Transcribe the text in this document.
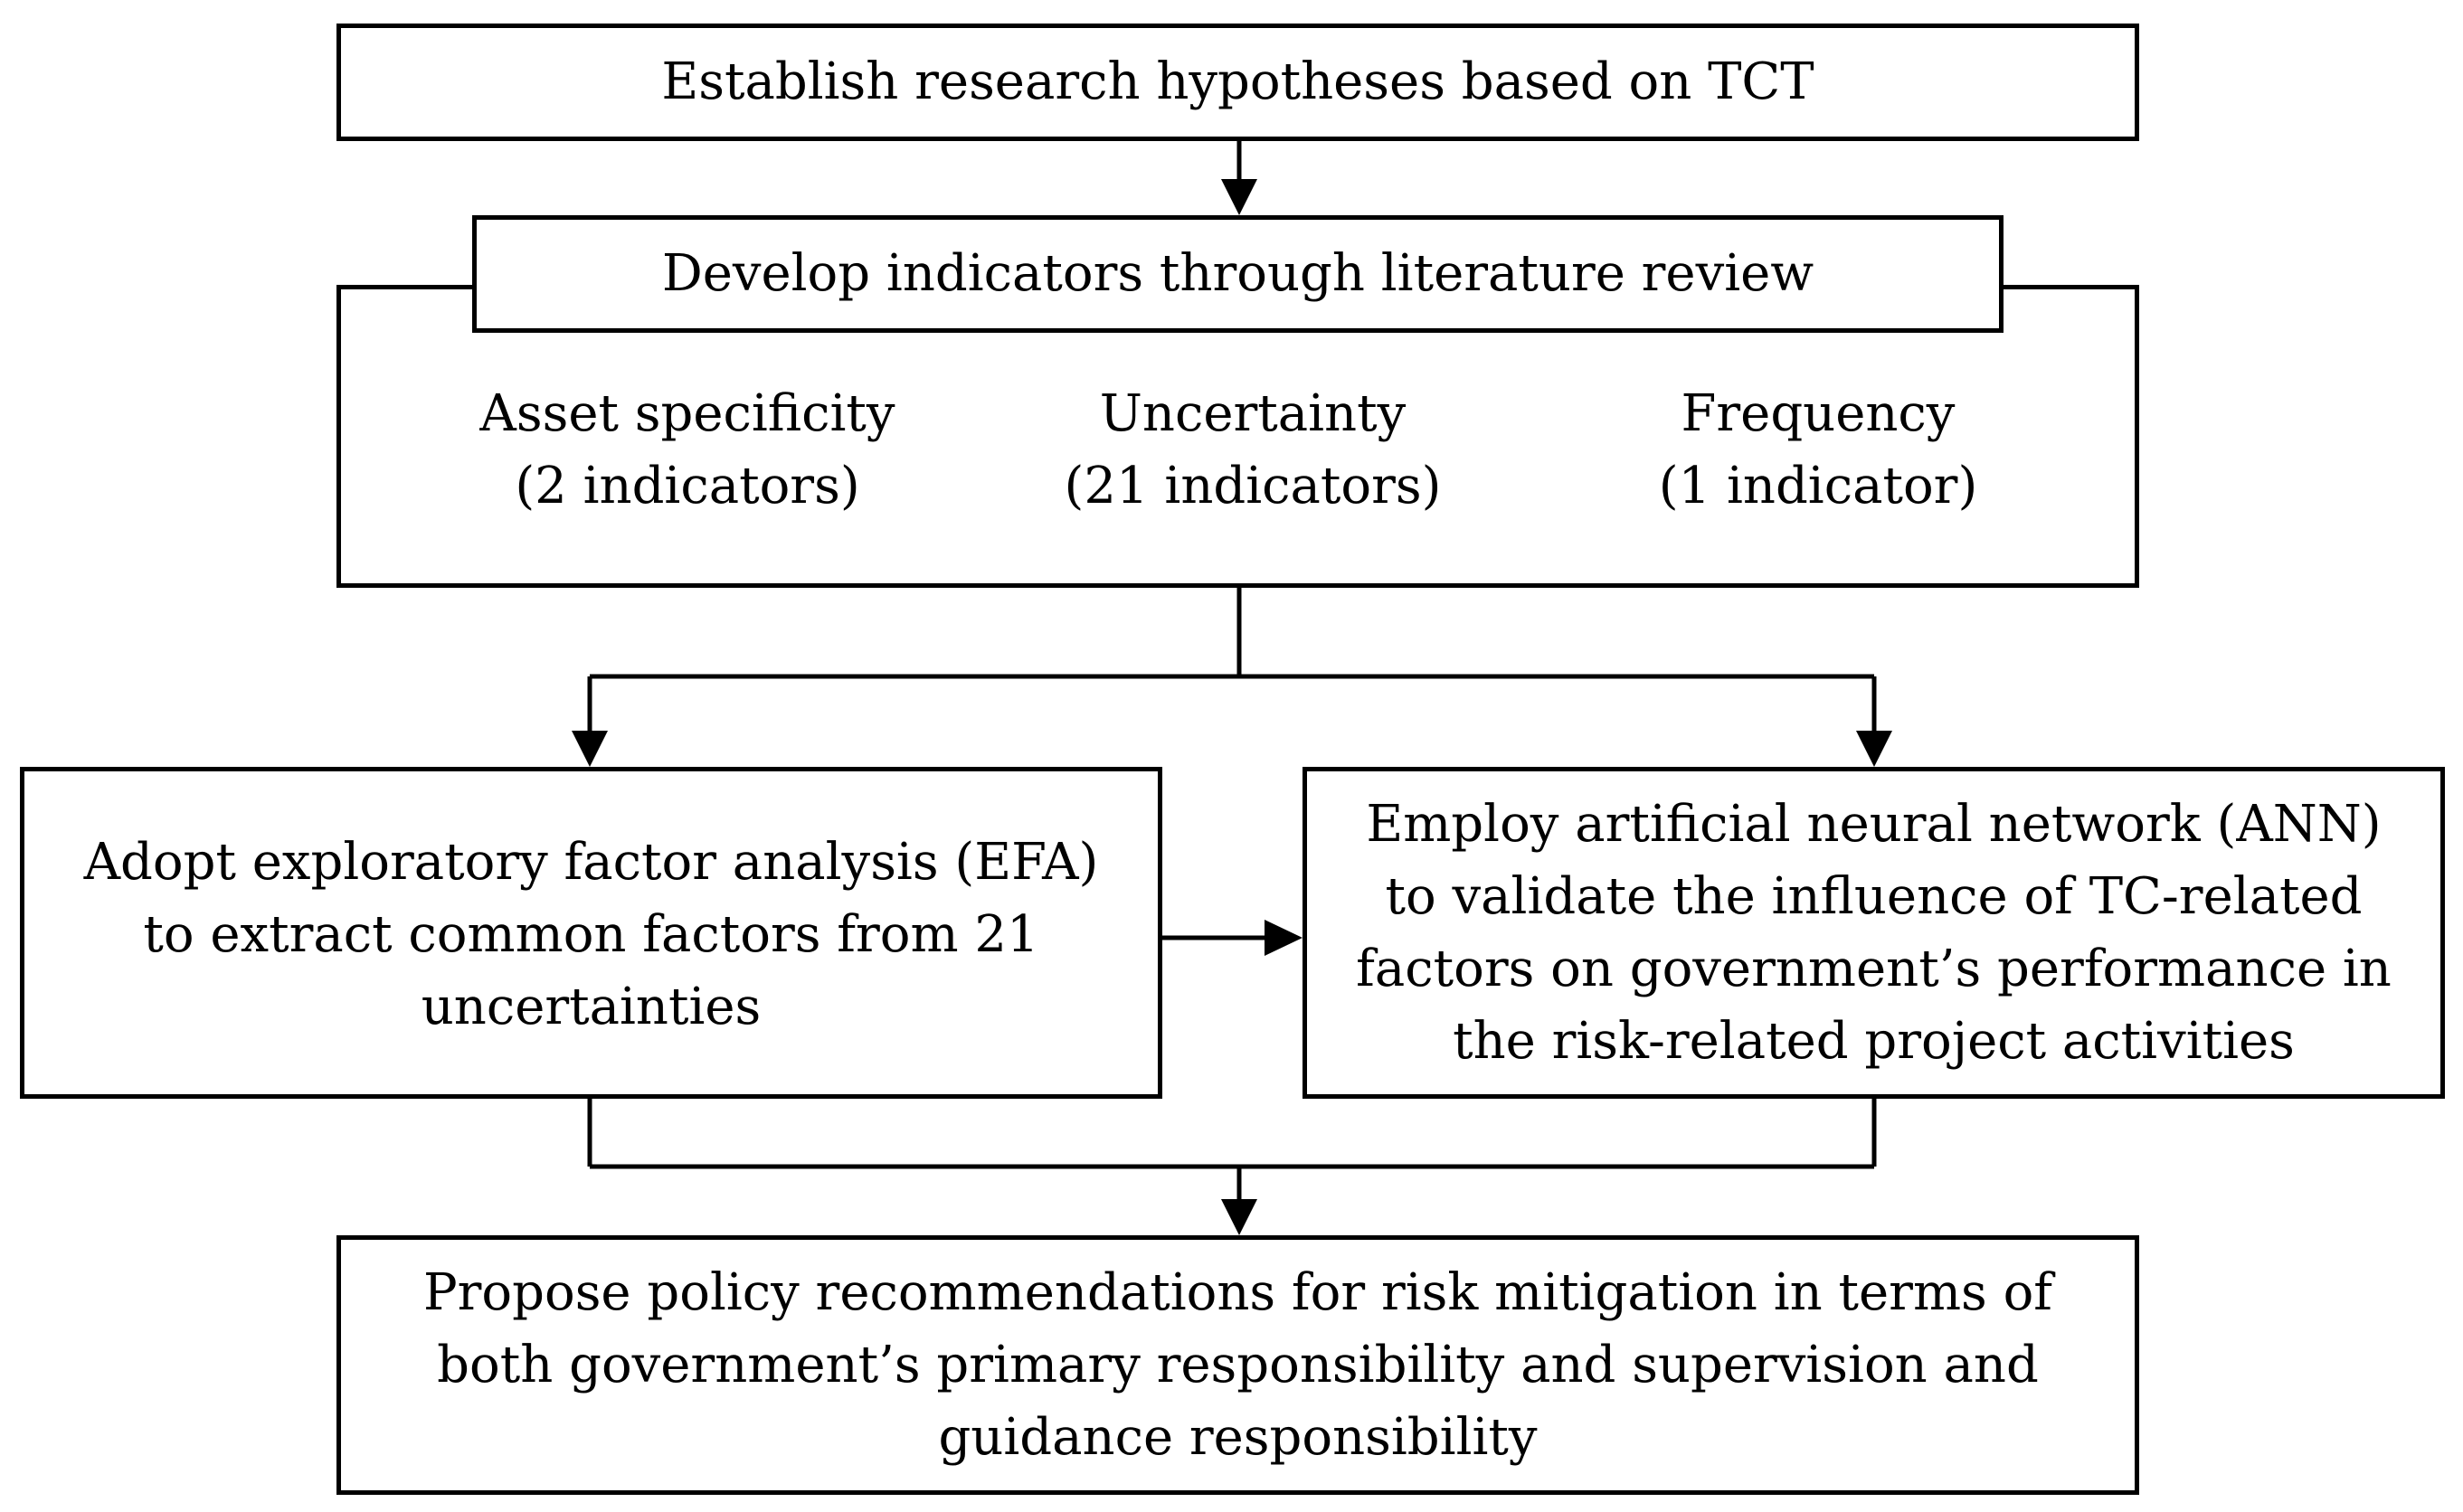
Establish research hypotheses based on TCT
Develop indicators through literature review
Asset specificity
(2 indicators)
Uncertainty
(21 indicators)
Frequency
(1 indicator)
Adopt exploratory factor analysis (EFA)
to extract common factors from 21
uncertainties
Employ artificial neural network (ANN)
to validate the influence of TC-related
factors on government’s performance in
the risk-related project activities
Propose policy recommendations for risk mitigation in terms of
both government’s primary responsibility and supervision and
guidance responsibility
